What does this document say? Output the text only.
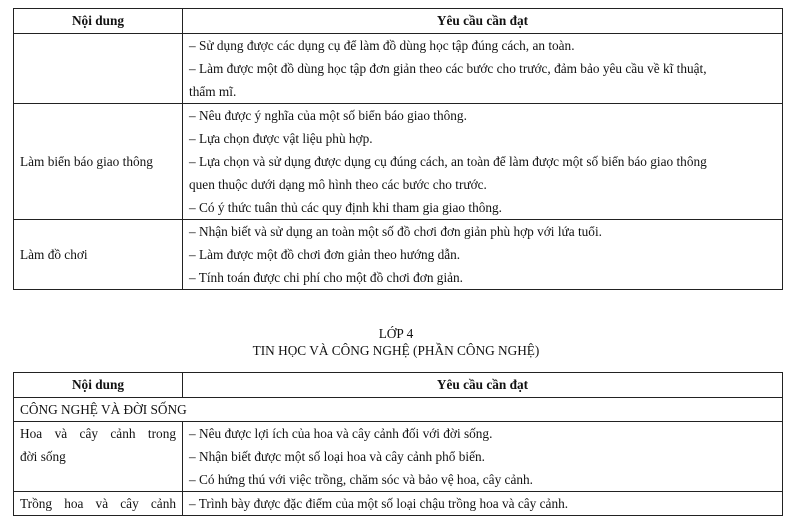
Nội dung	Yêu cầu cần đạt

	– Sử dụng được các dụng cụ để làm đồ dùng học tập đúng cách, an toàn.
– Làm được một đồ dùng học tập đơn giản theo các bước cho trước, đảm bảo yêu cầu về kĩ thuật,
thẩm mĩ.

Làm biển báo giao thông	– Nêu được ý nghĩa của một số biển báo giao thông.
– Lựa chọn được vật liệu phù hợp.
– Lựa chọn và sử dụng được dụng cụ đúng cách, an toàn để làm được một số biển báo giao thông
quen thuộc dưới dạng mô hình theo các bước cho trước.
– Có ý thức tuân thủ các quy định khi tham gia giao thông.

Làm đồ chơi	– Nhận biết và sử dụng an toàn một số đồ chơi đơn giản phù hợp với lứa tuổi.
– Làm được một đồ chơi đơn giản theo hướng dẫn.
– Tính toán được chi phí cho một đồ chơi đơn giản.
LỚP 4
TIN HỌC VÀ CÔNG NGHỆ (PHẦN CÔNG NGHỆ)
Nội dung	Yêu cầu cần đạt
CÔNG NGHỆ VÀ ĐỜI SỐNG	

Hoa và cây cảnh trong
đời sống	– Nêu được lợi ích của hoa và cây cảnh đối với đời sống.
– Nhận biết được một số loại hoa và cây cảnh phổ biến.
– Có hứng thú với việc trồng, chăm sóc và bảo vệ hoa, cây cảnh.

Trồng hoa và cây cảnh	– Trình bày được đặc điểm của một số loại chậu trồng hoa và cây cảnh.
